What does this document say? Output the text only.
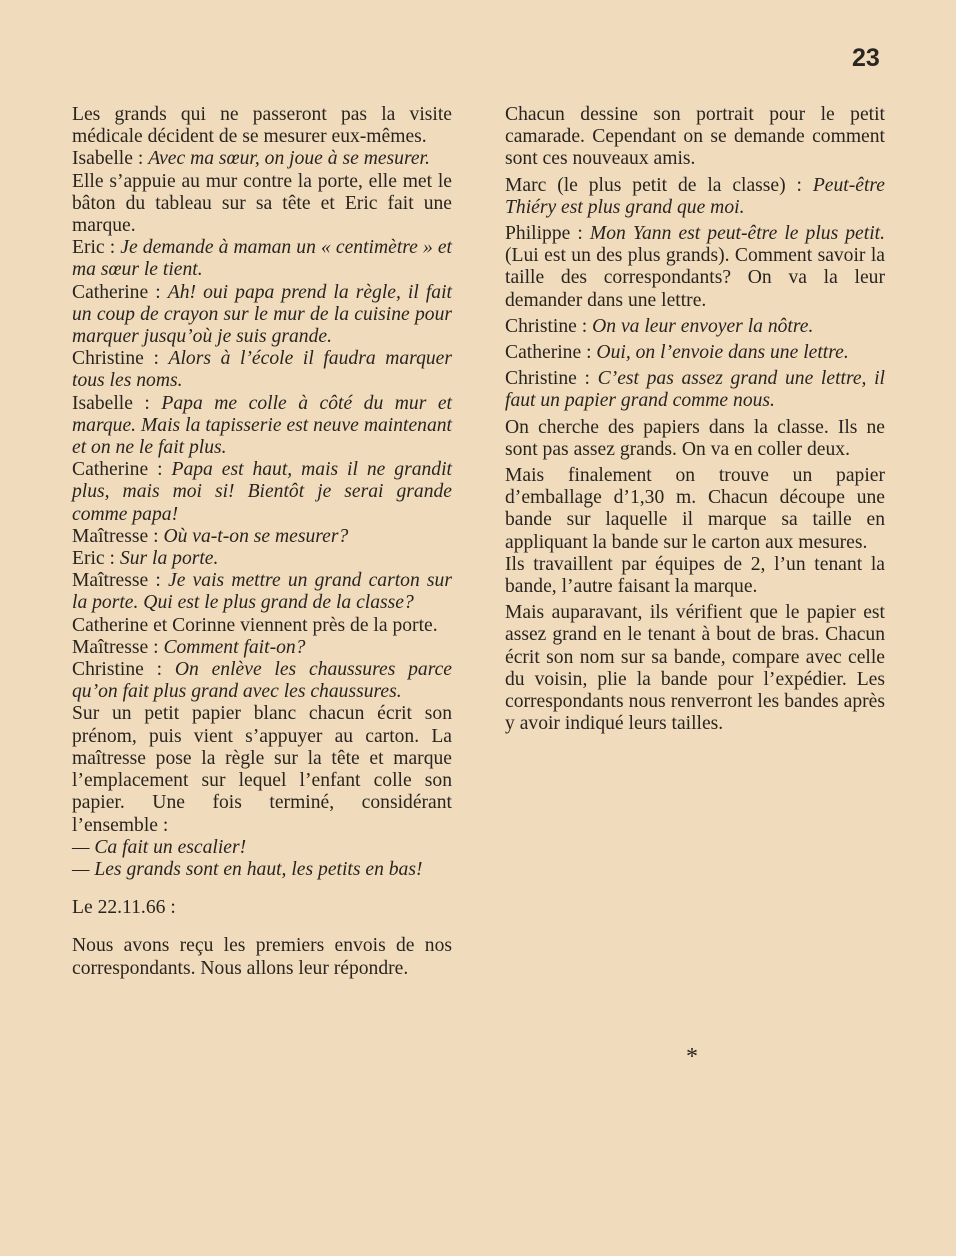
23

Les grands qui ne passeront pas la visite médicale décident de se mesurer eux-mêmes.

Isabelle : Avec ma sœur, on joue à se mesurer.

Elle s’appuie au mur contre la porte, elle met le bâton du tableau sur sa tête et Eric fait une marque.

Eric : Je demande à maman un « centimètre » et ma sœur le tient.

Catherine : Ah! oui papa prend la règle, il fait un coup de crayon sur le mur de la cuisine pour marquer jusqu’où je suis grande.

Christine : Alors à l’école il faudra marquer tous les noms.

Isabelle : Papa me colle à côté du mur et marque. Mais la tapisserie est neuve maintenant et on ne le fait plus.

Catherine : Papa est haut, mais il ne grandit plus, mais moi si! Bientôt je serai grande comme papa!

Maîtresse : Où va-t-on se mesurer?

Eric : Sur la porte.

Maîtresse : Je vais mettre un grand carton sur la porte. Qui est le plus grand de la classe?

Catherine et Corinne viennent près de la porte.

Maîtresse : Comment fait-on?

Christine : On enlève les chaussures parce qu’on fait plus grand avec les chaussures.

Sur un petit papier blanc chacun écrit son prénom, puis vient s’appuyer au carton. La maîtresse pose la règle sur la tête et marque l’emplacement sur lequel l’enfant colle son papier. Une fois terminé, considérant l’ensemble :

— Ca fait un escalier!

— Les grands sont en haut, les petits en bas!

Le 22.11.66 :

Nous avons reçu les premiers envois de nos correspondants. Nous allons leur répondre.

Chacun dessine son portrait pour le petit camarade. Cependant on se demande comment sont ces nouveaux amis.

Marc (le plus petit de la classe) : Peut-être Thiéry est plus grand que moi.

Philippe : Mon Yann est peut-être le plus petit. (Lui est un des plus grands). Comment savoir la taille des correspondants? On va la leur demander dans une lettre.

Christine : On va leur envoyer la nôtre.

Catherine : Oui, on l’envoie dans une lettre.

Christine : C’est pas assez grand une lettre, il faut un papier grand comme nous.

On cherche des papiers dans la classe. Ils ne sont pas assez grands. On va en coller deux.

Mais finalement on trouve un papier d’emballage d’1,30 m. Chacun découpe une bande sur laquelle il marque sa taille en appliquant la bande sur le carton aux mesures.

Ils travaillent par équipes de 2, l’un tenant la bande, l’autre faisant la marque.

Mais auparavant, ils vérifient que le papier est assez grand en le tenant à bout de bras. Chacun écrit son nom sur sa bande, compare avec celle du voisin, plie la bande pour l’expédier. Les correspondants nous renverront les bandes après y avoir indiqué leurs tailles.

*
